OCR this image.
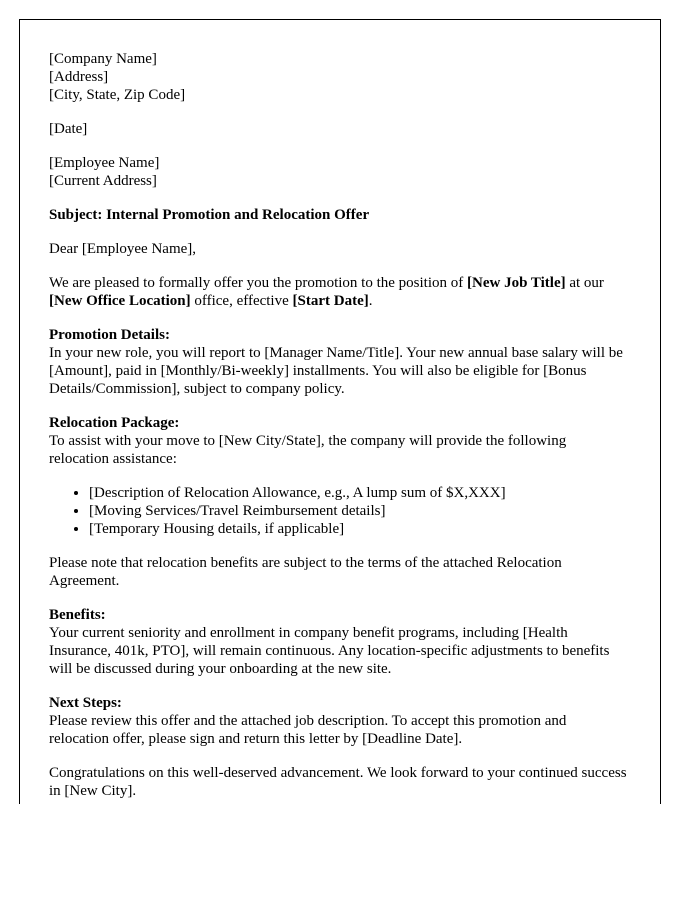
[Company Name]
[Address]
[City, State, Zip Code]
[Date]
[Employee Name]
[Current Address]
Subject: Internal Promotion and Relocation Offer
Dear [Employee Name],
We are pleased to formally offer you the promotion to the position of [New Job Title] at our [New Office Location] office, effective [Start Date].
Promotion Details:
In your new role, you will report to [Manager Name/Title]. Your new annual base salary will be [Amount], paid in [Monthly/Bi-weekly] installments. You will also be eligible for [Bonus Details/Commission], subject to company policy.
Relocation Package:
To assist with your move to [New City/State], the company will provide the following relocation assistance:
• [Description of Relocation Allowance, e.g., A lump sum of $X,XXX]
• [Moving Services/Travel Reimbursement details]
• [Temporary Housing details, if applicable]
Please note that relocation benefits are subject to the terms of the attached Relocation Agreement.
Benefits:
Your current seniority and enrollment in company benefit programs, including [Health Insurance, 401k, PTO], will remain continuous. Any location-specific adjustments to benefits will be discussed during your onboarding at the new site.
Next Steps:
Please review this offer and the attached job description. To accept this promotion and relocation offer, please sign and return this letter by [Deadline Date].
Congratulations on this well-deserved advancement. We look forward to your continued success in [New City].
